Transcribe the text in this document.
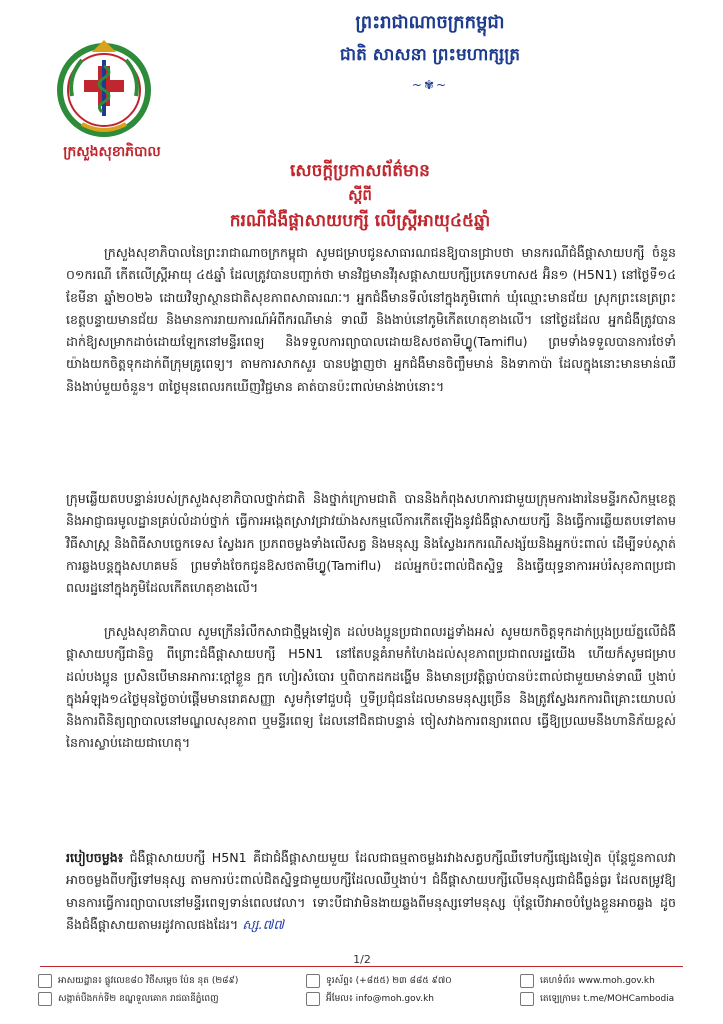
ក្រសួងសុខាភិបាល
ព្រះរាជាណាចក្រកម្ពុជា
ជាតិ សាសនា ព្រះមហាក្សត្រ
~✾~
សេចក្ដីប្រកាសព័ត៌មាន
ស្ដីពី
ករណីជំងឺផ្ដាសាយបក្សី លើស្ត្រីអាយុ៤៥ឆ្នាំ
ក្រសួងសុខាភិបាលនៃព្រះរាជាណាចក្រកម្ពុជា សូមជម្រាបជូនសាធារណជនឱ្យបានជ្រាបថា មានករណីជំងឺផ្ដាសាយបក្សី ចំនួន ០១ករណី កើតលើស្ត្រីអាយុ ៤៥ឆ្នាំ ដែលត្រូវបានបញ្ជាក់ថា មានវិជ្ជមានវីរុសផ្ដាសាយបក្សីប្រភេទហាស៥ អ៊ិន១ (H5N1) នៅថ្ងៃទី១៤ ខែមីនា ឆ្នាំ២០២៦ ដោយវិទ្យាស្ថានជាតិសុខភាពសាធារណៈ។ អ្នកជំងឺមានទីលំនៅក្នុងភូមិពោក់ ឃុំឈ្មោះមានជ័យ ស្រុកព្រះនេត្រព្រះ ខេត្តបន្ទាយមានជ័យ និងមានការរាយការណ៍អំពីករណីមាន់ ទាឈឺ និងងាប់នៅភូមិកើតហេតុខាងលើ។ នៅថ្ងៃដដែល អ្នកជំងឺត្រូវបានដាក់ឱ្យសម្រាកដាច់ដោយឡែកនៅមន្ទីរពេទ្យ និងទទួលការព្យាបាលដោយឱសថតាមីហ្វ្លូ(Tamiflu) ព្រមទាំងទទួលបានការថែទាំយ៉ាងយកចិត្តទុកដាក់ពីក្រុមគ្រូពេទ្យ។ តាមការសាកសួរ បានបង្ហាញថា អ្នកជំងឺមានចិញ្ចឹមមាន់ និងទាកាប៉ា ដែលក្នុងនោះមានមាន់ឈឺ និងងាប់មួយចំនួន។ ៣ថ្ងៃមុនពេលរកឃើញវិជ្ជមាន គាត់បានប៉ះពាល់មាន់ងាប់នោះ។
ក្រុមឆ្លើយតបបន្ទាន់របស់ក្រសួងសុខាភិបាលថ្នាក់ជាតិ និងថ្នាក់ក្រោមជាតិ បាននិងកំពុងសហការជាមួយក្រុមការងារនៃមន្ទីរកសិកម្មខេត្តនិងអាជ្ញាធរមូលដ្ឋានគ្រប់លំដាប់ថ្នាក់ ធ្វើការអង្កេតស្រាវជ្រាវយ៉ាងសកម្មលើការកើតឡើងនូវជំងឺផ្ដាសាយបក្សី និងធ្វើការឆ្លើយតបទៅតាមវិធីសាស្ត្រ និងពិធីសាបច្ចេកទេស ស្វែងរក ប្រភពចម្លងទាំងលើសត្វ និងមនុស្ស និងស្វែងរកករណីសង្ស័យនិងអ្នកប៉ះពាល់ ដើម្បីទប់ស្កាត់ការឆ្លងបន្តក្នុងសហគមន៍ ព្រមទាំងចែកជូនឱសថតាមីហ្វ្លូ(Tamiflu) ដល់អ្នកប៉ះពាល់ជិតស្និទ្ធ និងធ្វើយុទ្ធនាការអប់រំសុខភាពប្រជាពលរដ្ឋនៅក្នុងភូមិដែលកើតហេតុខាងលើ។
ក្រសួងសុខាភិបាល សូមក្រើនរំលឹកសាជាថ្មីម្ដងទៀត ដល់បងប្អូនប្រជាពលរដ្ឋទាំងអស់ សូមយកចិត្តទុកដាក់ប្រុងប្រយ័ត្នលើជំងឺផ្ដាសាយបក្សីជានិច្ច ពីព្រោះជំងឺផ្ដាសាយបក្សី H5N1 នៅតែបន្តគំរាមកំហែងដល់សុខភាពប្រជាពលរដ្ឋយើង ហើយក៏សូមជម្រាបដល់បងប្អូន ប្រសិនបើមានអាការៈក្ដៅខ្លួន ក្អក ហៀរសំបោរ ឬពិបាកដកដង្ហើម និងមានប្រវត្តិធ្លាប់បានប៉ះពាល់ជាមួយមាន់ទាឈឺ ឬងាប់ក្នុងអំឡុង១៤ថ្ងៃមុនថ្ងៃចាប់ផ្ដើមមានរោគសញ្ញា សូមកុំទៅជួបជុំ ឬទីប្រជុំជនដែលមានមនុស្សច្រើន និងត្រូវស្វែងរកការពិគ្រោះយោបល់ និងការពិនិត្យព្យាបាលនៅមណ្ឌលសុខភាព ឬមន្ទីរពេទ្យ ដែលនៅជិតជាបន្ទាន់ ចៀសវាងការពន្យារពេល ធ្វើឱ្យប្រឈមនឹងហានិភ័យខ្ពស់នៃការស្លាប់ដោយជាហេតុ។
របៀបចម្លង៖ ជំងឺផ្ដាសាយបក្សី H5N1 គឺជាជំងឺផ្ដាសាយមួយ ដែលជាធម្មតាចម្លងរវាងសត្វបក្សីឈឺទៅបក្សីផ្សេងទៀត ប៉ុន្តែជួនកាលវាអាចចម្លងពីបក្សីទៅមនុស្ស តាមការប៉ះពាល់ជិតស្និទ្ធជាមួយបក្សីដែលឈឺឬងាប់។ ជំងឺផ្ដាសាយបក្សីលើមនុស្សជាជំងឺធ្ងន់ធ្ងរ ដែលតម្រូវឱ្យមានការធ្វើការព្យាបាលនៅមន្ទីរពេទ្យទាន់ពេលវេលា។ ទោះបីជាវាមិនងាយឆ្លងពីមនុស្សទៅមនុស្ស ប៉ុន្តែបើវាអាចបំប្លែងខ្លួនអាចឆ្លង ដូចនឹងជំងឺផ្ដាសាយតាមរដូវកាលផងដែរ។ ស្ស.៧៧
1/2
អាសយដ្ឋាន៖ ផ្លូវលេខ៨០ វិថីសម្ដេច ប៉ែន នុត (២៨៩)
សង្កាត់បឹងកក់ទី២ ខណ្ឌទួលគោក រាជធានីភ្នំពេញ
ទូរស័ព្ទ៖ (+៨៥៥) ២៣ ៨៨៥ ៩៧០
អ៊ីមែល៖ info@moh.gov.kh
គេហទំព័រ៖ www.moh.gov.kh
តេឡេក្រាម៖ t.me/MOHCambodia
